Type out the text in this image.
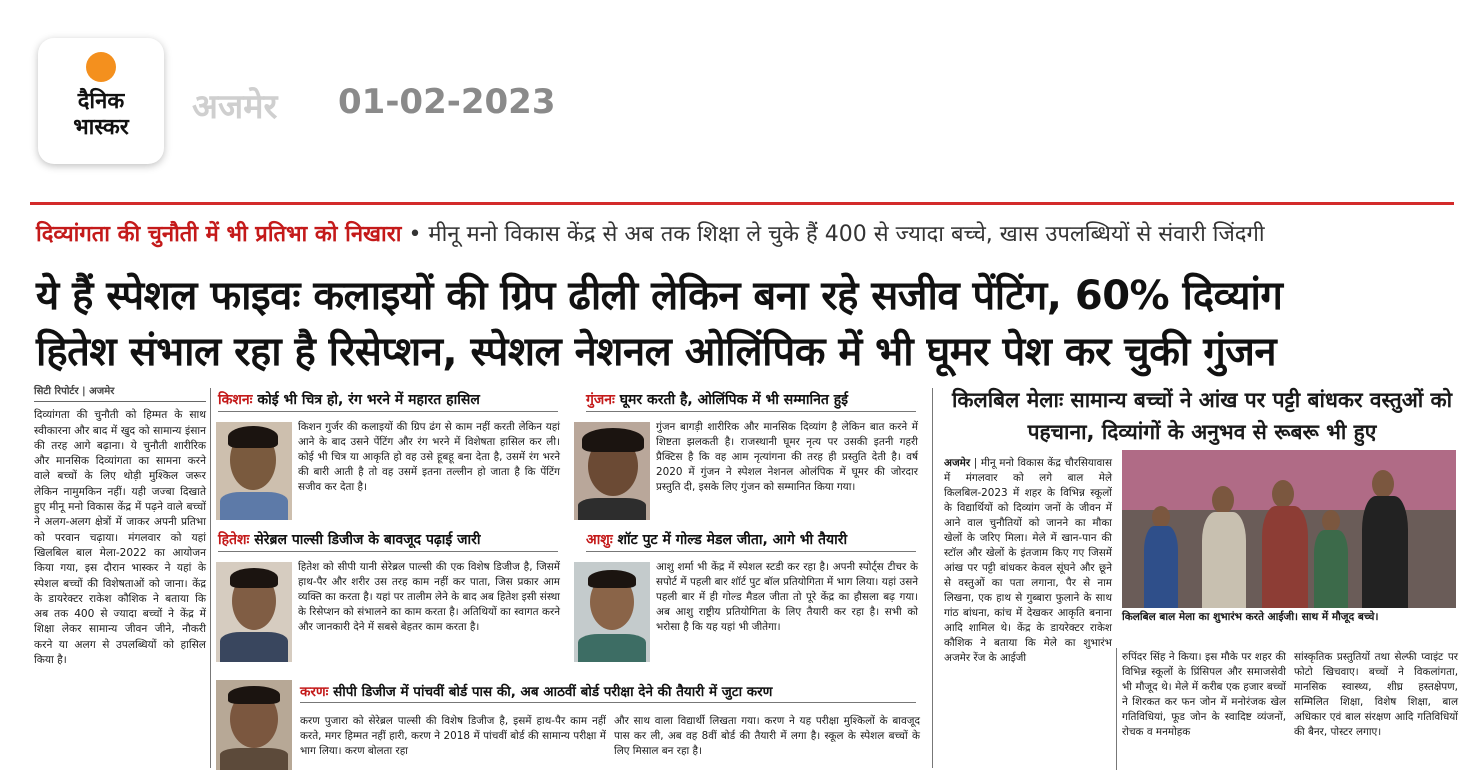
दैनिक
भास्कर
अजमेर 01-02-2023
दिव्यांगता की चुनौती में भी प्रतिभा को निखारा • मीनू मनो विकास केंद्र से अब तक शिक्षा ले चुके हैं 400 से ज्यादा बच्चे, खास उपलब्धियों से संवारी जिंदगी
ये हैं स्पेशल फाइवः कलाइयों की ग्रिप ढीली लेकिन बना रहे सजीव पेंटिंग, 60% दिव्यांग
हितेश संभाल रहा है रिसेप्शन, स्पेशल नेशनल ओलिंपिक में भी घूमर पेश कर चुकी गुंजन
सिटी रिपोर्टर | अजमेर
दिव्यांगता की चुनौती को हिम्मत के साथ स्वीकारना और बाद में खुद को सामान्य इंसान की तरह आगे बढ़ाना। ये चुनौती शारीरिक और मानसिक दिव्यांगता का सामना करने वाले बच्चों के लिए थोड़ी मुश्किल जरूर लेकिन नामुमकिन नहीं। यही जज्बा दिखाते हुए मीनू मनो विकास केंद्र में पढ़ने वाले बच्चों ने अलग-अलग क्षेत्रों में जाकर अपनी प्रतिभा को परवान चढ़ाया। मंगलवार को यहां खिलबिल बाल मेला-2022 का आयोजन किया गया, इस दौरान भास्कर ने यहां के स्पेशल बच्चों की विशेषताओं को जाना। केंद्र के डायरेक्टर राकेश कौशिक ने बताया कि अब तक 400 से ज्यादा बच्चों ने केंद्र में शिक्षा लेकर सामान्य जीवन जीने, नौकरी करने या अलग से उपलब्धियों को हासिल किया है।
किशनः कोई भी चित्र हो, रंग भरने में महारत हासिल
किशन गुर्जर की कलाइयों की ग्रिप ढंग से काम नहीं करती लेकिन यहां आने के बाद उसने पेंटिंग और रंग भरने में विशेषता हासिल कर ली। कोई भी चित्र या आकृति हो वह उसे हूबहू बना देता है, उसमें रंग भरने की बारी आती है तो वह उसमें इतना तल्लीन हो जाता है कि पेंटिंग सजीव कर देता है।
गुंजनः घूमर करती है, ओलिंपिक में भी सम्मानित हुई
गुंजन बागड़ी शारीरिक और मानसिक दिव्यांग है लेकिन बात करने में शिष्टता झलकती है। राजस्थानी घूमर नृत्य पर उसकी इतनी गहरी प्रैक्टिस है कि वह आम नृत्यांगना की तरह ही प्रस्तुति देती है। वर्ष 2020 में गुंजन ने स्पेशल नेशनल ओलंपिक में घूमर की जोरदार प्रस्तुति दी, इसके लिए गुंजन को सम्मानित किया गया।
हितेशः सेरेब्रल पाल्सी डिजीज के बावजूद पढ़ाई जारी
हितेश को सीपी यानी सेरेब्रल पाल्सी की एक विशेष डिजीज है, जिसमें हाथ-पैर और शरीर उस तरह काम नहीं कर पाता, जिस प्रकार आम व्यक्ति का करता है। यहां पर तालीम लेने के बाद अब हितेश इसी संस्था के रिसेप्शन को संभालने का काम करता है। अतिथियों का स्वागत करने और जानकारी देने में सबसे बेहतर काम करता है।
आशुः शॉट पुट में गोल्ड मेडल जीता, आगे भी तैयारी
आशु शर्मा भी केंद्र में स्पेशल स्टडी कर रहा है। अपनी स्पोर्ट्स टीचर के सपोर्ट में पहली बार शॉर्ट पुट बॉल प्रतियोगिता में भाग लिया। यहां उसने पहली बार में ही गोल्ड मैडल जीता तो पूरे केंद्र का हौसला बढ़ गया। अब आशु राष्ट्रीय प्रतियोगिता के लिए तैयारी कर रहा है। सभी को भरोसा है कि यह यहां भी जीतेगा।
करणः सीपी डिजीज में पांचवीं बोर्ड पास की, अब आठवीं बोर्ड परीक्षा देने की तैयारी में जुटा करण
करण पुजारा को सेरेब्रल पाल्सी की विशेष डिजीज है, इसमें हाथ-पैर काम नहीं करते, मगर हिम्मत नहीं हारी, करण ने 2018 में पांचवीं बोर्ड की सामान्य परीक्षा में भाग लिया। करण बोलता रहा
और साथ वाला विद्यार्थी लिखता गया। करण ने यह परीक्षा मुश्किलों के बावजूद पास कर ली, अब वह 8वीं बोर्ड की तैयारी में लगा है। स्कूल के स्पेशल बच्चों के लिए मिसाल बन रहा है।
किलबिल मेलाः सामान्य बच्चों ने आंख पर पट्टी बांधकर वस्तुओं को पहचाना, दिव्यांगों के अनुभव से रूबरू भी हुए
अजमेर | मीनू मनो विकास केंद्र चौरसियावास में मंगलवार को लगे बाल मेले किलबिल-2023 में शहर के विभिन्न स्कूलों के विद्यार्थियों को दिव्यांग जनों के जीवन में आने वाल चुनौतियों को जानने का मौका खेलों के जरिए मिला। मेले में खान-पान की स्टॉल और खेलों के इंतजाम किए गए जिसमें आंख पर पट्टी बांधकर केवल सूंघने और छूने से वस्तुओं का पता लगाना, पैर से नाम लिखना, एक हाथ से गुब्बारा फुलाने के साथ गांठ बांधना, कांच में देखकर आकृति बनाना आदि शामिल थे। केंद्र के डायरेक्टर राकेश कौशिक ने बताया कि मेले का शुभारंभ अजमेर रेंज के आईजी
किलबिल बाल मेला का शुभारंभ करते आईजी। साथ में मौजूद बच्चे।
रुपिंदर सिंह ने किया। इस मौके पर शहर की विभिन्न स्कूलों के प्रिंसिपल और समाजसेवी भी मौजूद थे। मेले में करीब एक हजार बच्चों ने शिरकत कर फन जोन में मनोरंजक खेल गतिविधियां, फूड जोन के स्वादिष्ट व्यंजनों, रोचक व मनमोहक
सांस्कृतिक प्रस्तुतियों तथा सेल्फी प्वाइंट पर फोटो खिचवाए। बच्चों ने विकलांगता, मानसिक स्वास्थ्य, शीघ्र हस्तक्षेपण, सम्मिलित शिक्षा, विशेष शिक्षा, बाल अधिकार एवं बाल संरक्षण आदि गतिविधियों की बैनर, पोस्टर लगाए।
